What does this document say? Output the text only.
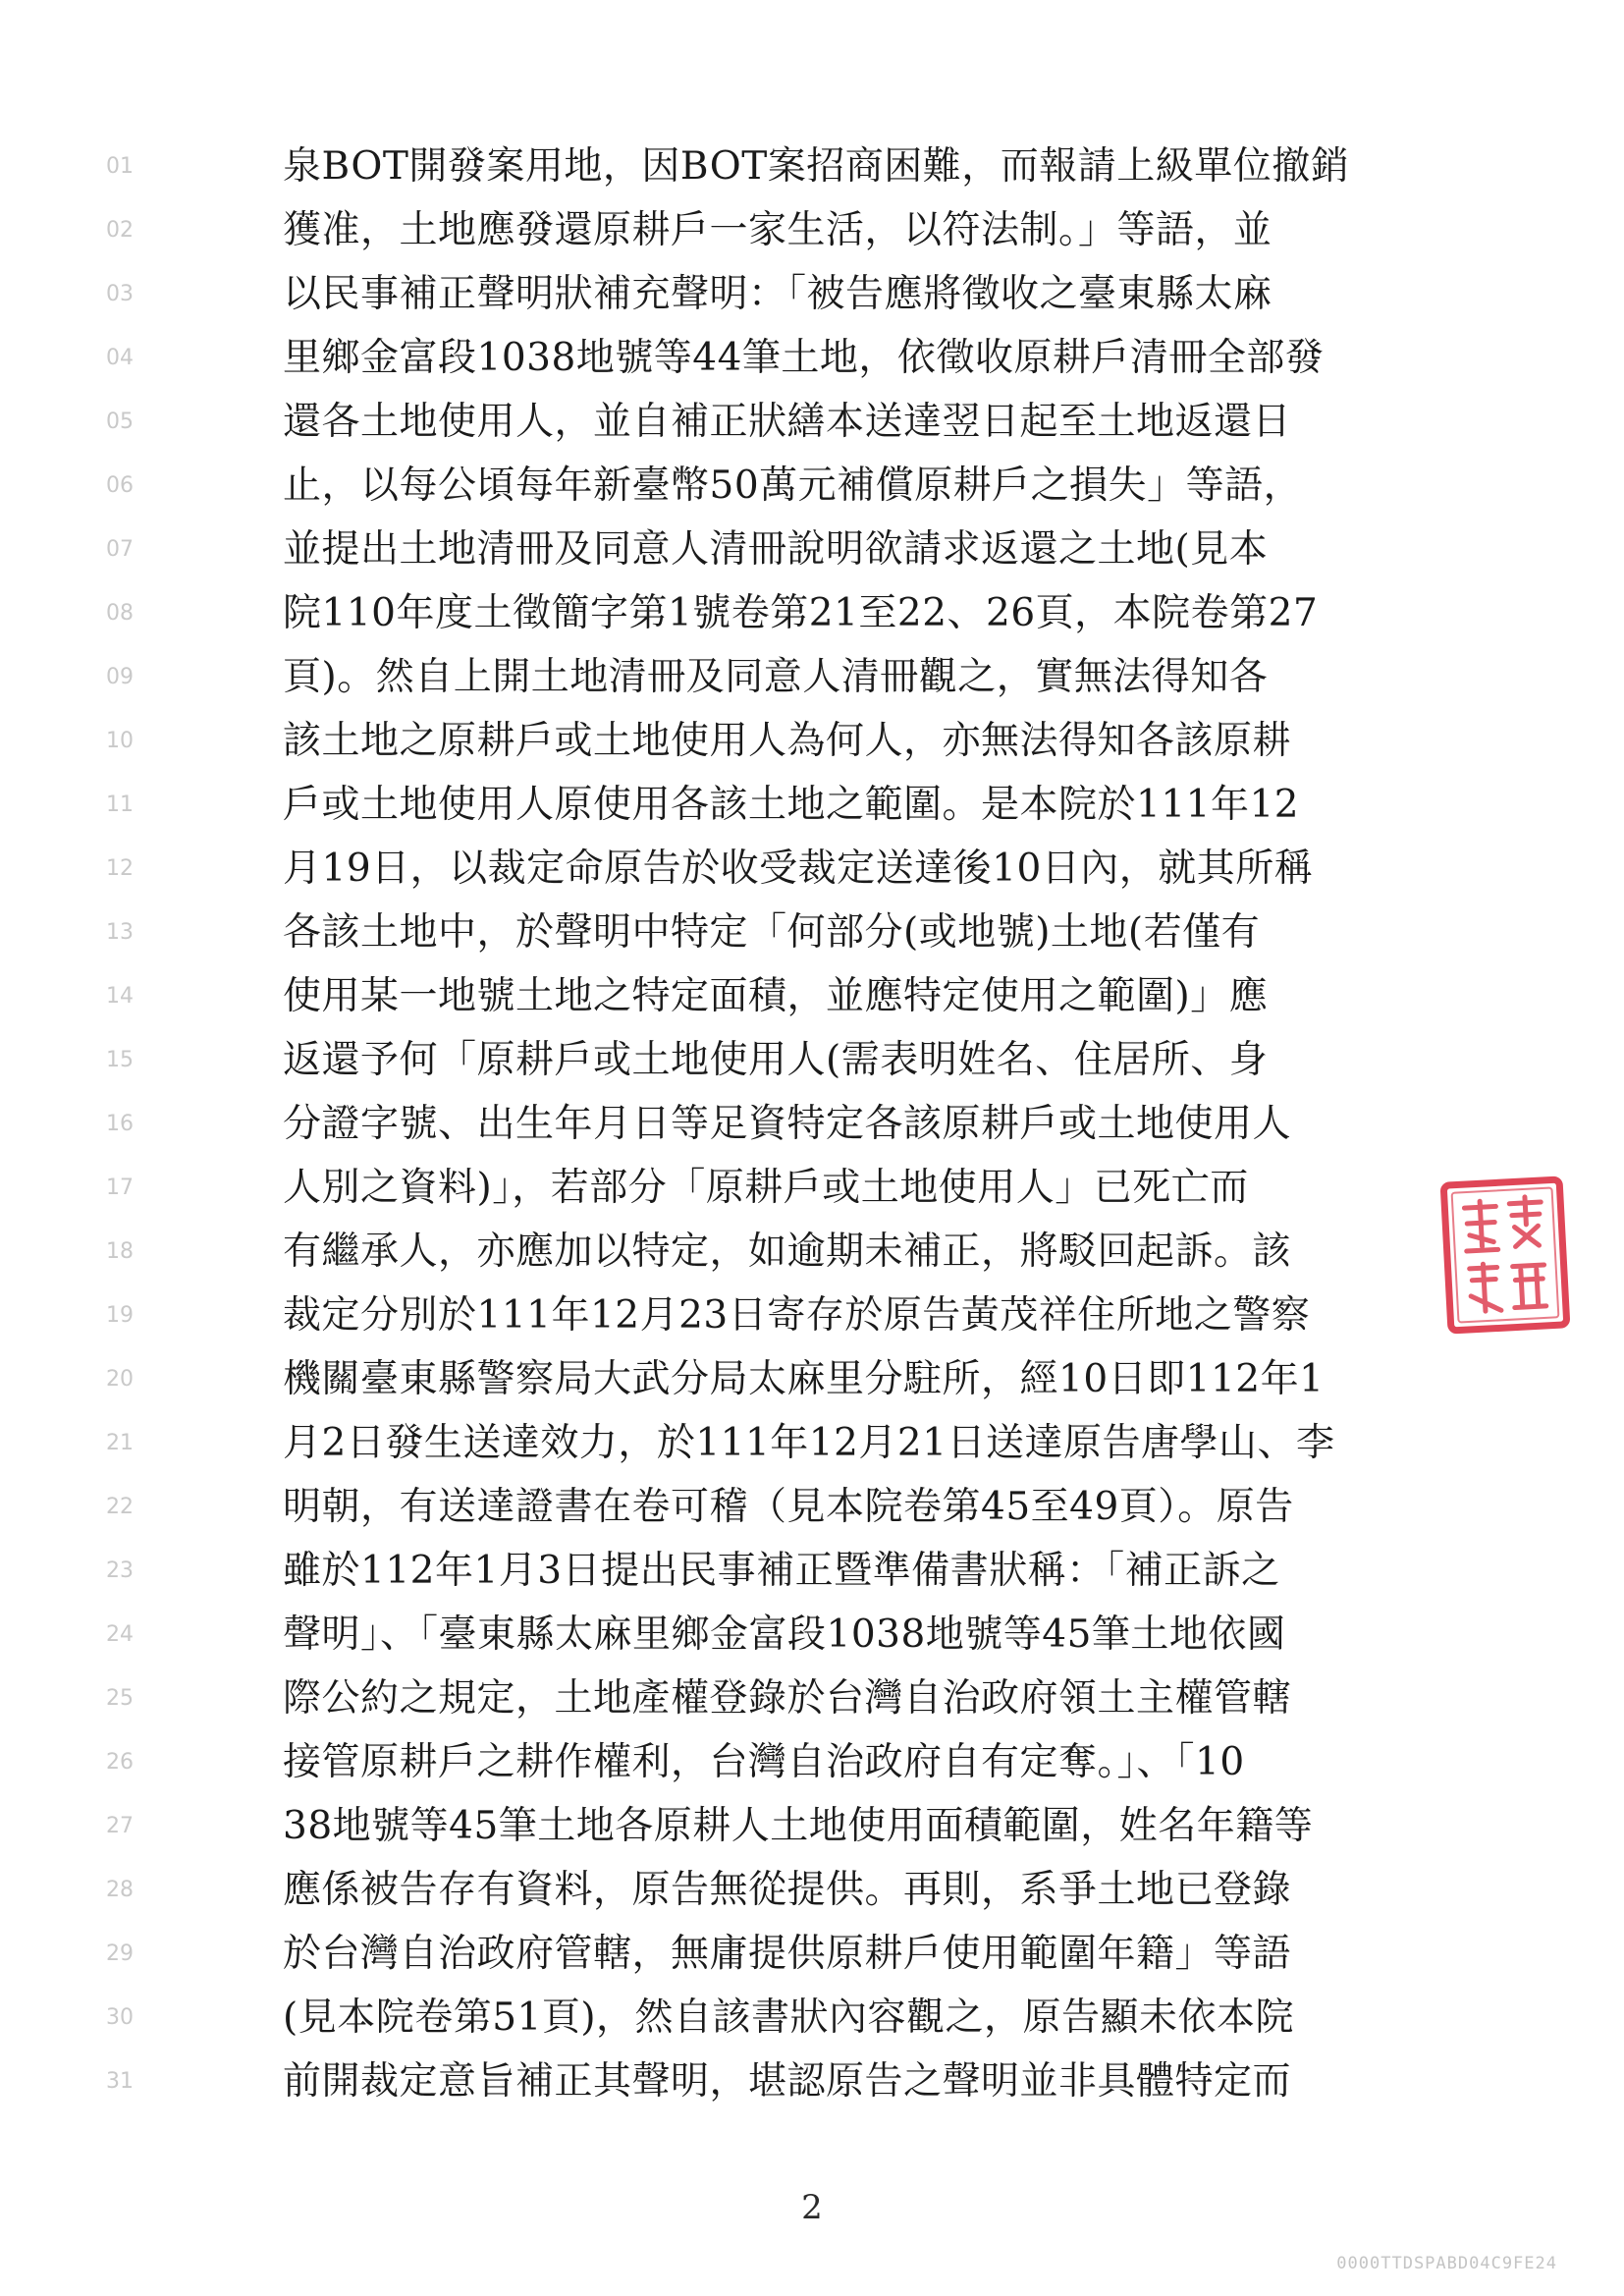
01
02
03
04
05
06
07
08
09
10
11
12
13
14
15
16
17
18
19
20
21
22
23
24
25
26
27
28
29
30
31
泉BOT開發案用地，因BOT案招商困難，而報請上級單位撤銷
獲准，土地應發還原耕戶一家生活，以符法制。」等語，並
以民事補正聲明狀補充聲明：「被告應將徵收之臺東縣太麻
里鄉金富段1038地號等44筆土地，依徵收原耕戶清冊全部發
還各土地使用人，並自補正狀繕本送達翌日起至土地返還日
止，以每公頃每年新臺幣50萬元補償原耕戶之損失」等語，
並提出土地清冊及同意人清冊說明欲請求返還之土地(見本
院110年度土徵簡字第1號卷第21至22、26頁，本院卷第27
頁)。然自上開土地清冊及同意人清冊觀之，實無法得知各
該土地之原耕戶或土地使用人為何人，亦無法得知各該原耕
戶或土地使用人原使用各該土地之範圍。是本院於111年12
月19日，以裁定命原告於收受裁定送達後10日內，就其所稱
各該土地中，於聲明中特定「何部分(或地號)土地(若僅有
使用某一地號土地之特定面積，並應特定使用之範圍)」應
返還予何「原耕戶或土地使用人(需表明姓名、住居所、身
分證字號、出生年月日等足資特定各該原耕戶或土地使用人
人別之資料)」，若部分「原耕戶或土地使用人」已死亡而
有繼承人，亦應加以特定，如逾期未補正，將駁回起訴。該
裁定分別於111年12月23日寄存於原告黃茂祥住所地之警察
機關臺東縣警察局大武分局太麻里分駐所，經10日即112年1
月2日發生送達效力，於111年12月21日送達原告唐學山、李
明朝，有送達證書在卷可稽（見本院卷第45至49頁）。原告
雖於112年1月3日提出民事補正暨準備書狀稱：「補正訴之
聲明」、「臺東縣太麻里鄉金富段1038地號等45筆土地依國
際公約之規定，土地產權登錄於台灣自治政府領土主權管轄
接管原耕戶之耕作權利，台灣自治政府自有定奪。」、「10
38地號等45筆土地各原耕人土地使用面積範圍，姓名年籍等
應係被告存有資料，原告無從提供。再則，系爭土地已登錄
於台灣自治政府管轄，無庸提供原耕戶使用範圍年籍」等語
(見本院卷第51頁)，然自該書狀內容觀之，原告顯未依本院
前開裁定意旨補正其聲明，堪認原告之聲明並非具體特定而
2
0000TTDSPABD04C9FE24
